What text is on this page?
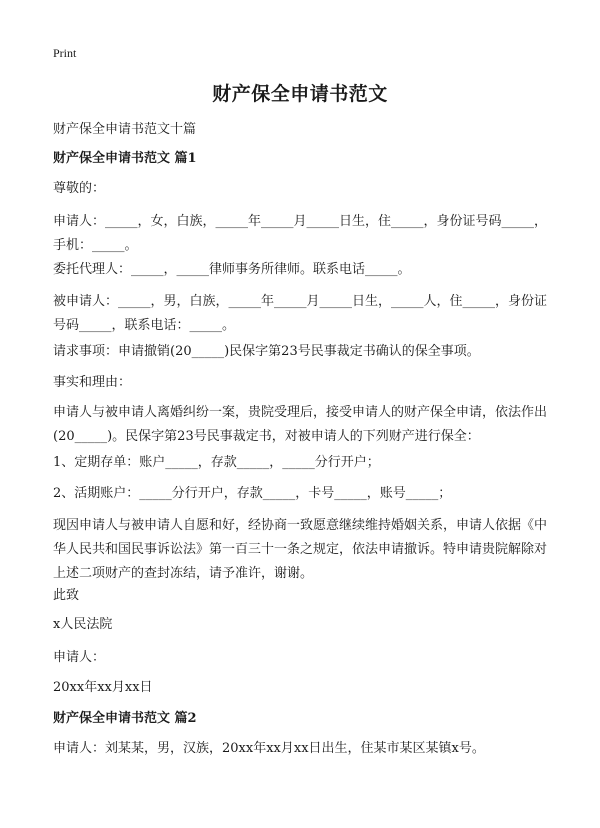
Print
财产保全申请书范文
财产保全申请书范文十篇
财产保全申请书范文 篇1
尊敬的：
申请人：_____，女，白族，_____年_____月_____日生，住_____，身份证号码_____，手机：_____。
委托代理人：_____，_____律师事务所律师。联系电话_____。
被申请人：_____，男，白族，_____年_____月_____日生，_____人，住_____，身份证号码_____，联系电话：_____。
请求事项：申请撤销(20_____)民保字第23号民事裁定书确认的保全事项。
事实和理由：
申请人与被申请人离婚纠纷一案，贵院受理后，接受申请人的财产保全申请，依法作出(20_____)。民保字第23号民事裁定书，对被申请人的下列财产进行保全：
1、定期存单：账户_____，存款_____，_____分行开户；
2、活期账户：_____分行开户，存款_____，卡号_____，账号_____；
现因申请人与被申请人自愿和好，经协商一致愿意继续维持婚姻关系，申请人依据《中华人民共和国民事诉讼法》第一百三十一条之规定，依法申请撤诉。特申请贵院解除对上述二项财产的查封冻结，请予准许，谢谢。
此致
x人民法院
申请人：
20xx年xx月xx日
财产保全申请书范文 篇2
申请人：刘某某，男，汉族，20xx年xx月xx日出生，住某市某区某镇x号。
